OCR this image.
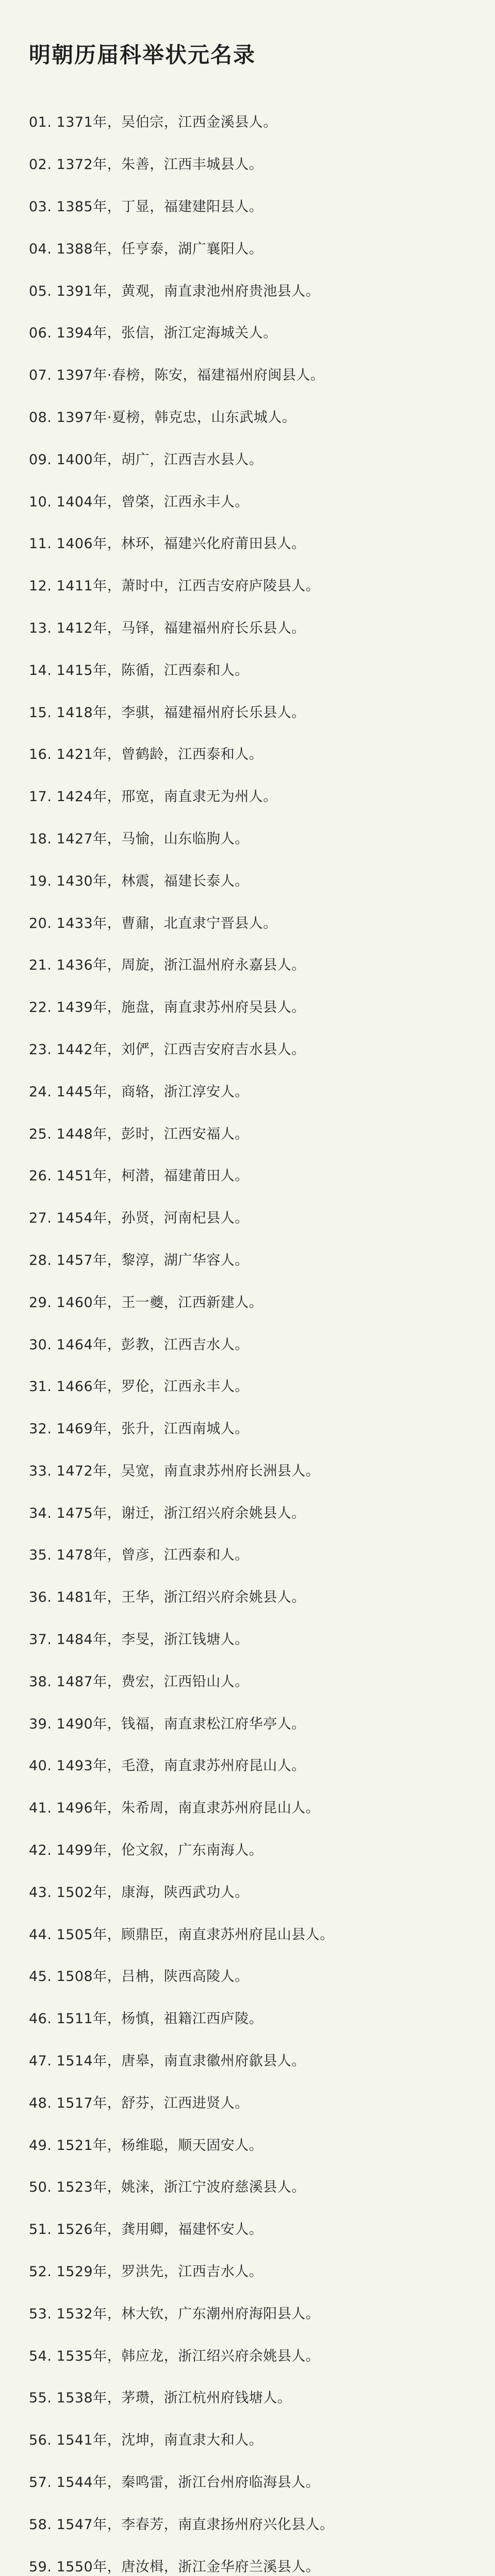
明朝历届科举状元名录
01. 1371年，吴伯宗，江西金溪县人。
02. 1372年，朱善，江西丰城县人。
03. 1385年，丁显，福建建阳县人。
04. 1388年，任亨泰，湖广襄阳人。
05. 1391年，黄观，南直隶池州府贵池县人。
06. 1394年，张信，浙江定海城关人。
07. 1397年·春榜，陈安，福建福州府闽县人。
08. 1397年·夏榜，韩克忠，山东武城人。
09. 1400年，胡广，江西吉水县人。
10. 1404年，曾棨，江西永丰人。
11. 1406年，林环，福建兴化府莆田县人。
12. 1411年，萧时中，江西吉安府庐陵县人。
13. 1412年，马铎，福建福州府长乐县人。
14. 1415年，陈循，江西泰和人。
15. 1418年，李骐，福建福州府长乐县人。
16. 1421年，曾鹤龄，江西泰和人。
17. 1424年，邢宽，南直隶无为州人。
18. 1427年，马愉，山东临朐人。
19. 1430年，林震，福建长泰人。
20. 1433年，曹鼐，北直隶宁晋县人。
21. 1436年，周旋，浙江温州府永嘉县人。
22. 1439年，施盘，南直隶苏州府吴县人。
23. 1442年，刘俨，江西吉安府吉水县人。
24. 1445年，商辂，浙江淳安人。
25. 1448年，彭时，江西安福人。
26. 1451年，柯潜，福建莆田人。
27. 1454年，孙贤，河南杞县人。
28. 1457年，黎淳，湖广华容人。
29. 1460年，王一夔，江西新建人。
30. 1464年，彭教，江西吉水人。
31. 1466年，罗伦，江西永丰人。
32. 1469年，张升，江西南城人。
33. 1472年，吴宽，南直隶苏州府长洲县人。
34. 1475年，谢迁，浙江绍兴府余姚县人。
35. 1478年，曾彦，江西泰和人。
36. 1481年，王华，浙江绍兴府余姚县人。
37. 1484年，李旻，浙江钱塘人。
38. 1487年，费宏，江西铅山人。
39. 1490年，钱福，南直隶松江府华亭人。
40. 1493年，毛澄，南直隶苏州府昆山人。
41. 1496年，朱希周，南直隶苏州府昆山人。
42. 1499年，伦文叙，广东南海人。
43. 1502年，康海，陕西武功人。
44. 1505年，顾鼎臣，南直隶苏州府昆山县人。
45. 1508年，吕柟，陕西高陵人。
46. 1511年，杨慎，祖籍江西庐陵。
47. 1514年，唐皋，南直隶徽州府歙县人。
48. 1517年，舒芬，江西进贤人。
49. 1521年，杨维聪，顺天固安人。
50. 1523年，姚涞，浙江宁波府慈溪县人。
51. 1526年，龚用卿，福建怀安人。
52. 1529年，罗洪先，江西吉水人。
53. 1532年，林大钦，广东潮州府海阳县人。
54. 1535年，韩应龙，浙江绍兴府余姚县人。
55. 1538年，茅瓒，浙江杭州府钱塘人。
56. 1541年，沈坤，南直隶大和人。
57. 1544年，秦鸣雷，浙江台州府临海县人。
58. 1547年，李春芳，南直隶扬州府兴化县人。
59. 1550年，唐汝楫，浙江金华府兰溪县人。
